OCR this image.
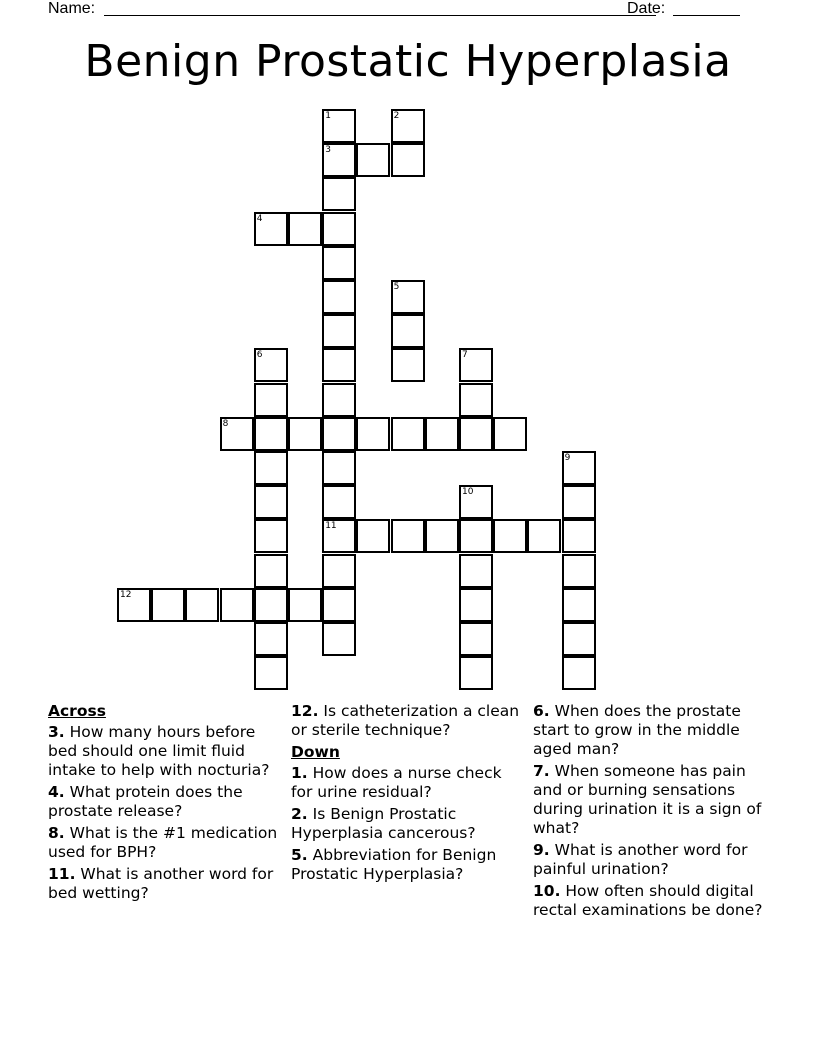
Name:	Date:
Benign Prostatic Hyperplasia
1	2
3
4
5
6	7
8
9
10
11
12
Across
3. How many hours before bed should one limit fluid intake to help with nocturia?
4. What protein does the prostate release?
8. What is the #1 medication used for BPH?
11. What is another word for bed wetting?
12. Is catheterization a clean or sterile technique?
Down
1. How does a nurse check for urine residual?
2. Is Benign Prostatic Hyperplasia cancerous?
5. Abbreviation for Benign Prostatic Hyperplasia?
6. When does the prostate start to grow in the middle aged man?
7. When someone has pain and or burning sensations during urination it is a sign of what?
9. What is another word for painful urination?
10. How often should digital rectal examinations be done?
